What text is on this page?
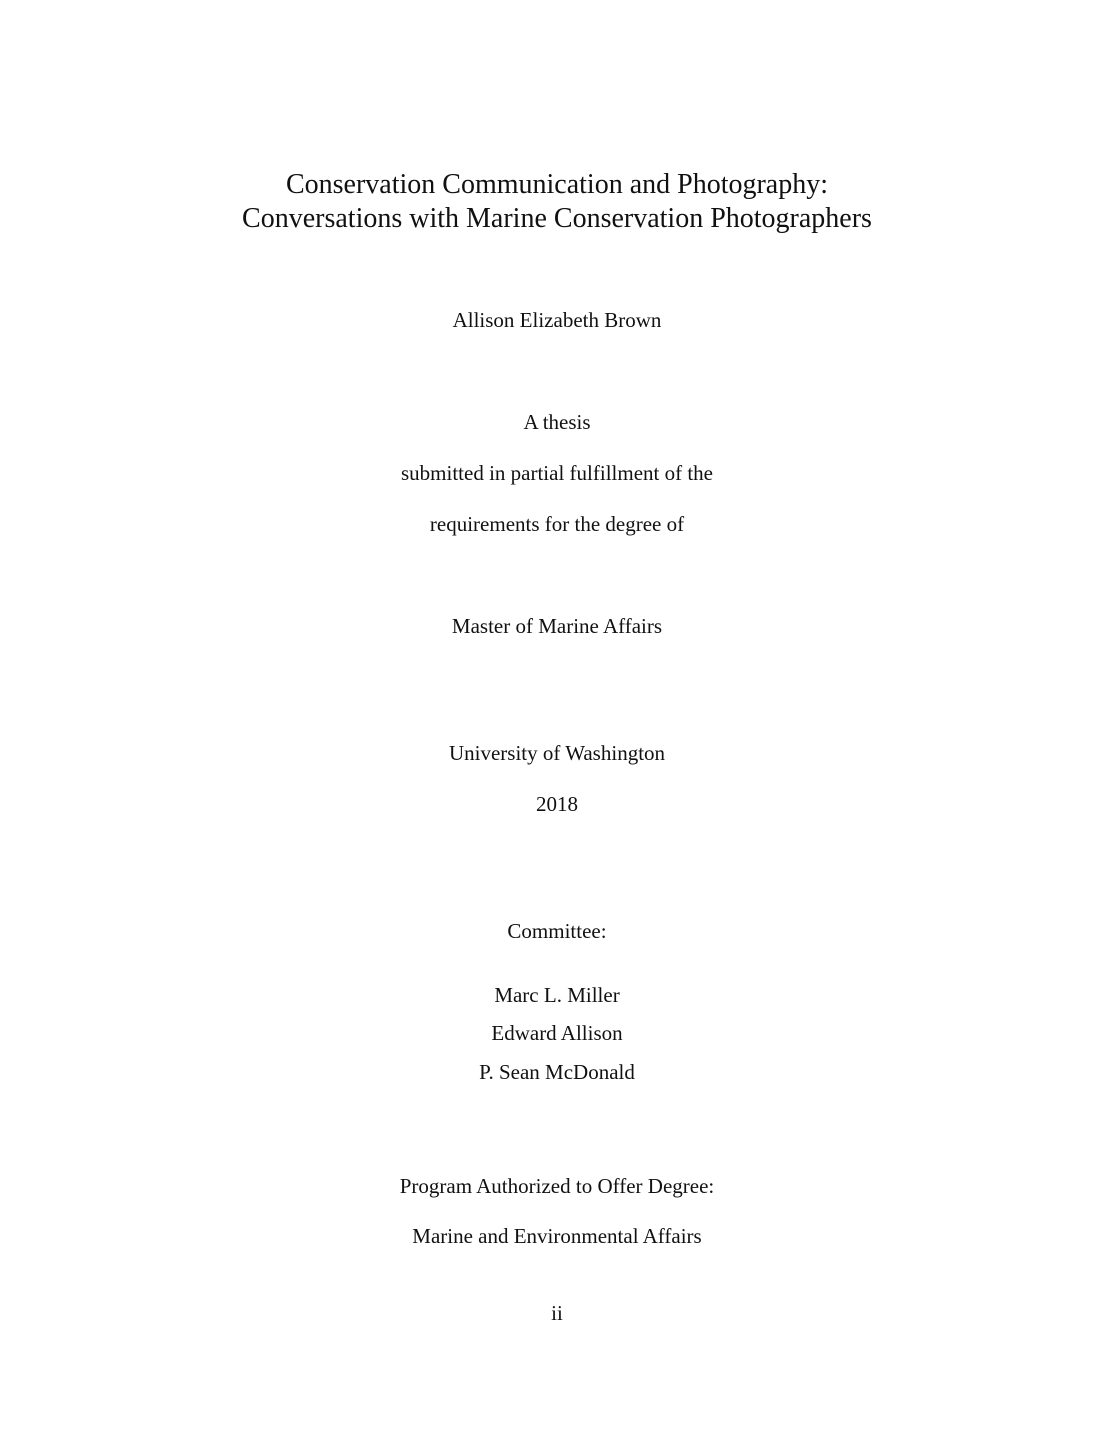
Conservation Communication and Photography:
Conversations with Marine Conservation Photographers
Allison Elizabeth Brown
A thesis
submitted in partial fulfillment of the
requirements for the degree of
Master of Marine Affairs
University of Washington
2018
Committee:
Marc L. Miller
Edward Allison
P. Sean McDonald
Program Authorized to Offer Degree:
Marine and Environmental Affairs
ii
